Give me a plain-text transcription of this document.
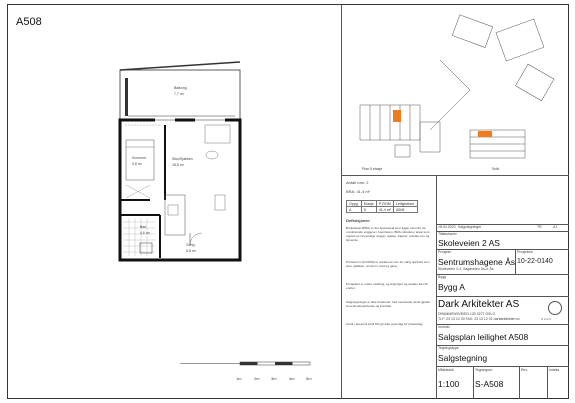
A508
Balkong
7,7 m²
Soverom
9,8 m²
Stue/Kjøkken
18,8 m²
Bad
4,6 m²
Gang
6,8 m²
1m	2m	3m	4m	5m
Plan 5.etasje	Snitt
Antall rom: 2
BRA: 41,4 m²
Oppg.	Etasje	P-ROM	Leilighetsnr.
A	5	41,4 m²	A508
Definisjoner:
Bruksareal (BRA) er det bruksareal som ligger innenfor de omsluttende veggene i boenheten. BRA inkluderer areal som opptas av innvendige vegger, sjakter, trapper, teknisk rom og lignende.
Primærrom (P-ROM) er arealet av rom for varig opphold som stue, kjøkken, soverom, bad og gang.
Prosjektet er under utvikling, og tegninger og arealer kan bli endret.
Salgstegninger er ikke bindende. Ved eventuelle avvik gjelder leveransebeskrivelse og kontrakt.
Avvik i areal på inntil 5% gir ikke grunnlag for prisavslag.
18.04.2023 Salgstegninger	TR	AJ
Tiltakshaver
Skoleveien 2 AS
Prosjekt
Sentrumshagene Ås
Prosjektnr.
10-22-0140
Skoleveien 2-4, Sagaveien 2a-d, Ås
Bygg
Bygg A
Dark Arkitekter AS
DRAMMENSVEIEN 130 0277 OSLO
TLF: 23 13 12 00 FAX: 23 13 12 01 darkarkitekter.no	D A R K
Innhold
Salgsplan leilighet A508
Tegningstype
Salgstegning
Målestokk
1:100
Tegningsnr.
S-A508
Rev.	Indeks
